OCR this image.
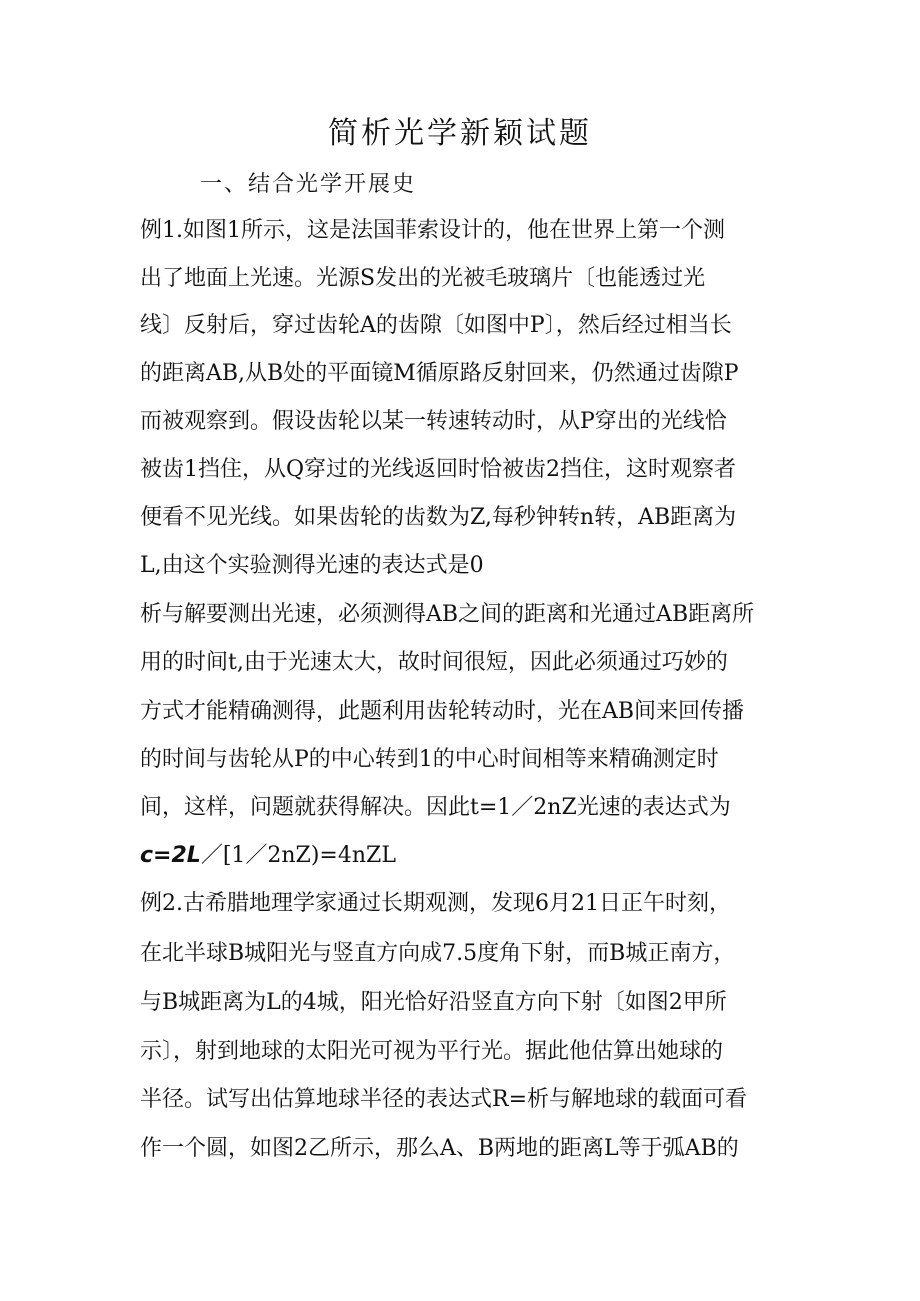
简析光学新颖试题
一、结合光学开展史
例1.如图1所示，这是法国菲索设计的，他在世界上第一个测
出了地面上光速。光源S发出的光被毛玻璃片〔也能透过光
线〕反射后，穿过齿轮A的齿隙〔如图中P〕，然后经过相当长
的距离AB,从B处的平面镜M循原路反射回来，仍然通过齿隙P
而被观察到。假设齿轮以某一转速转动时，从P穿出的光线恰
被齿1挡住，从Q穿过的光线返回时恰被齿2挡住，这时观察者
便看不见光线。如果齿轮的齿数为Z,每秒钟转n转，AB距离为
L,由这个实验测得光速的表达式是0
析与解要测出光速，必须测得AB之间的距离和光通过AB距离所
用的时间t,由于光速太大，故时间很短，因此必须通过巧妙的
方式才能精确测得，此题利用齿轮转动时，光在AB间来回传播
的时间与齿轮从P的中心转到1的中心时间相等来精确测定时
间，这样，问题就获得解决。因此t=1／2nZ光速的表达式为
c=2L／[1／2nZ)=4nZL
例2.古希腊地理学家通过长期观测，发现6月21日正午时刻，
在北半球B城阳光与竖直方向成7.5度角下射，而B城正南方，
与B城距离为L的4城，阳光恰好沿竖直方向下射〔如图2甲所
示〕，射到地球的太阳光可视为平行光。据此他估算出她球的
半径。试写出估算地球半径的表达式R=析与解地球的载面可看
作一个圆，如图2乙所示，那么A、B两地的距离L等于弧AB的
